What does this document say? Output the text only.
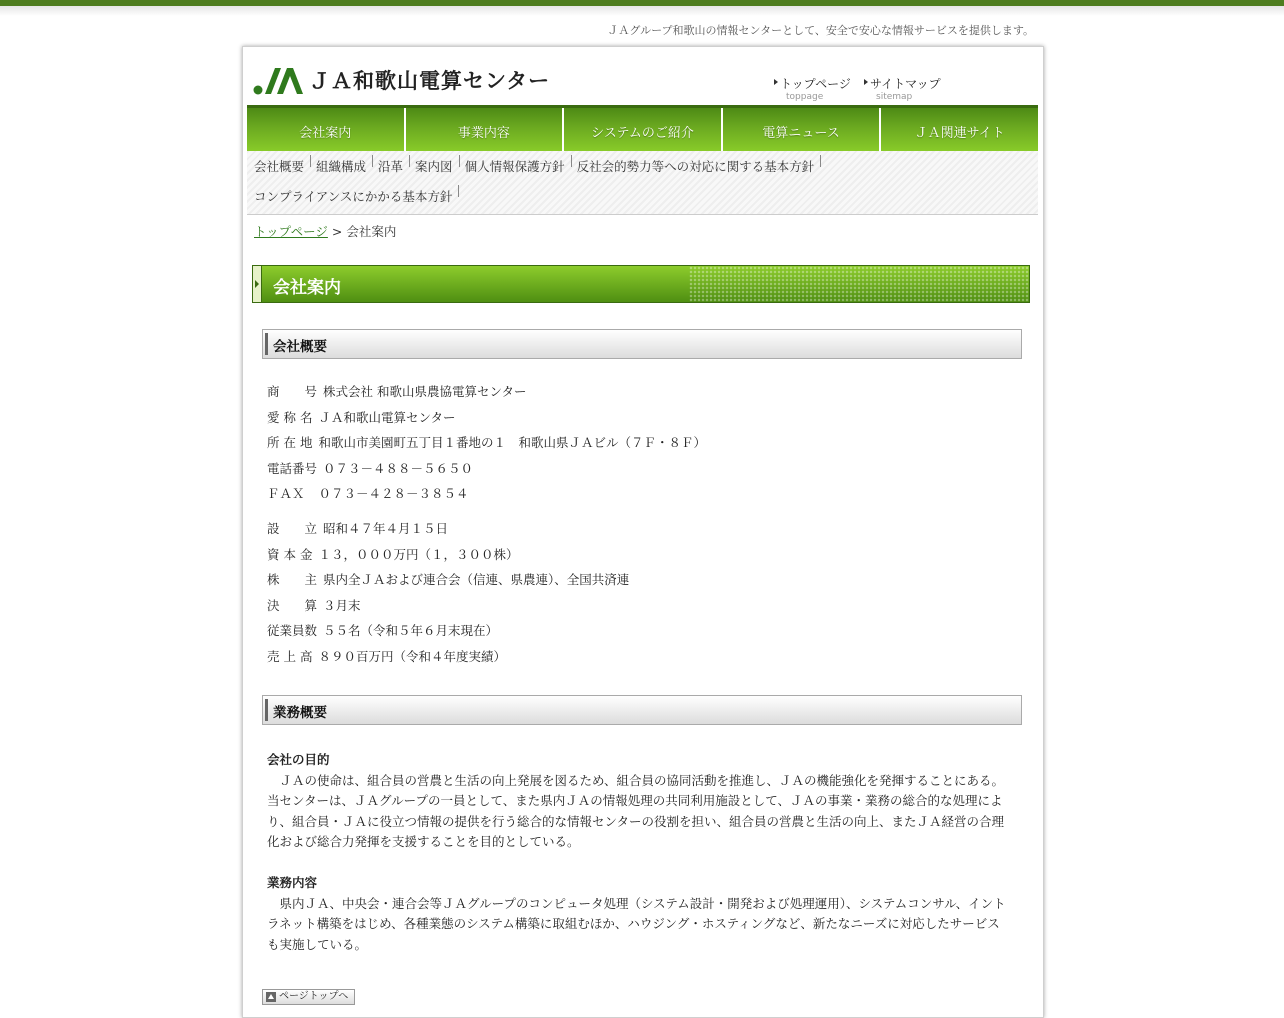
ＪＡグループ和歌山の情報センターとして、安全で安心な情報サービスを提供します。
ＪＡ和歌山電算センター	トップページ
toppage
サイトマップ
sitemap
会社案内	事業内容	システムのご紹介	電算ニュース	ＪＡ関連サイト
会社概要 組織構成 沿革 案内図 個人情報保護方針 反社会的勢力等への対応に関する基本方針
コンプライアンスにかかる基本方針
トップページ > 会社案内
会社案内
会社概要
商　　号 株式会社 和歌山県農協電算センター
愛 称 名 ＪＡ和歌山電算センター
所 在 地 和歌山市美園町五丁目１番地の１　和歌山県ＪＡビル（７Ｆ・８Ｆ）
電話番号 ０７３－４８８－５６５０
ＦＡＸ ０７３－４２８－３８５４
設　　立 昭和４７年４月１５日
資 本 金 １３，０００万円（１，３００株）
株　　主 県内全ＪＡおよび連合会（信連、県農連）、全国共済連
決　　算 ３月末
従業員数 ５５名（令和５年６月末現在）
売 上 高 ８９０百万円（令和４年度実績）
業務概要
会社の目的
　ＪＡの使命は、組合員の営農と生活の向上発展を図るため、組合員の協同活動を推進し、ＪＡの機能強化を発揮することにある。当センターは、ＪＡグループの一員として、また県内ＪＡの情報処理の共同利用施設として、ＪＡの事業・業務の総合的な処理により、組合員・ＪＡに役立つ情報の提供を行う総合的な情報センターの役割を担い、組合員の営農と生活の向上、またＪＡ経営の合理化および総合力発揮を支援することを目的としている。
業務内容
　県内ＪＡ、中央会・連合会等ＪＡグループのコンピュータ処理（システム設計・開発および処理運用）、システムコンサル、イントラネット構築をはじめ、各種業態のシステム構築に取組むほか、ハウジング・ホスティングなど、新たなニーズに対応したサービスも実施している。
ページトップへ
